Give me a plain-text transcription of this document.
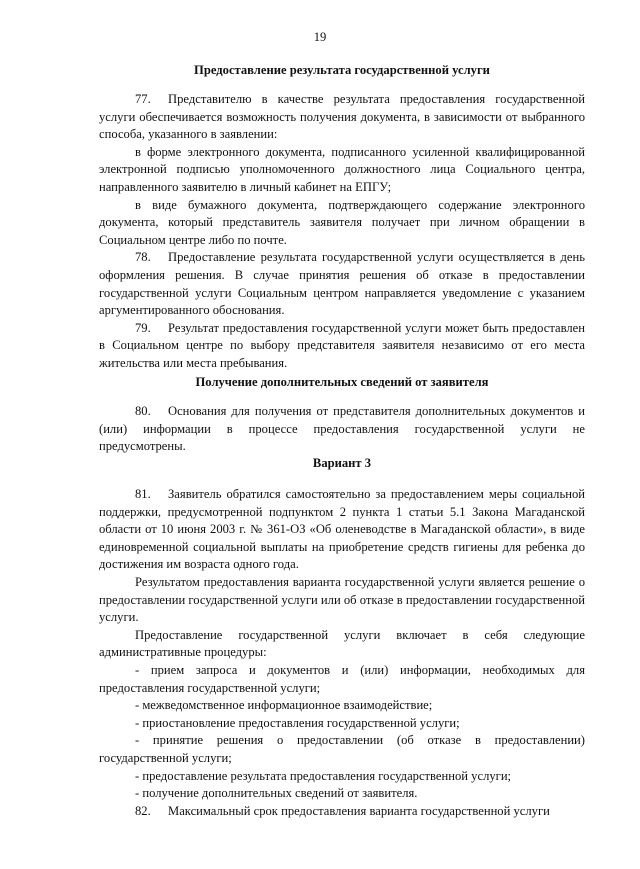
19
Предоставление результата государственной услуги

77. Представителю в качестве результата предоставления государственной услуги обеспечивается возможность получения документа, в зависимости от выбранного способа, указанного в заявлении:

в форме электронного документа, подписанного усиленной квалифицированной электронной подписью уполномоченного должностного лица Социального центра, направленного заявителю в личный кабинет на ЕПГУ;

в виде бумажного документа, подтверждающего содержание электронного документа, который представитель заявителя получает при личном обращении в Социальном центре либо по почте.

78. Предоставление результата государственной услуги осуществляется в день оформления решения. В случае принятия решения об отказе в предоставлении государственной услуги Социальным центром направляется уведомление с указанием аргументированного обоснования.

79. Результат предоставления государственной услуги может быть предоставлен в Социальном центре по выбору представителя заявителя независимо от его места жительства или места пребывания.

Получение дополнительных сведений от заявителя

80. Основания для получения от представителя дополнительных документов и (или) информации в процессе предоставления государственной услуги не предусмотрены.

Вариант 3

81. Заявитель обратился самостоятельно за предоставлением меры социальной поддержки, предусмотренной подпунктом 2 пункта 1 статьи 5.1 Закона Магаданской области от 10 июня 2003 г. № 361-ОЗ «Об оленеводстве в Магаданской области», в виде единовременной социальной выплаты на приобретение средств гигиены для ребенка до достижения им возраста одного года.

Результатом предоставления варианта государственной услуги является решение о предоставлении государственной услуги или об отказе в предоставлении государственной услуги.

Предоставление государственной услуги включает в себя следующие административные процедуры:

- прием запроса и документов и (или) информации, необходимых для предоставления государственной услуги;

- межведомственное информационное взаимодействие;

- приостановление предоставления государственной услуги;

- принятие решения о предоставлении (об отказе в предоставлении) государственной услуги;

- предоставление результата предоставления государственной услуги;

- получение дополнительных сведений от заявителя.

82. Максимальный срок предоставления варианта государственной услуги
